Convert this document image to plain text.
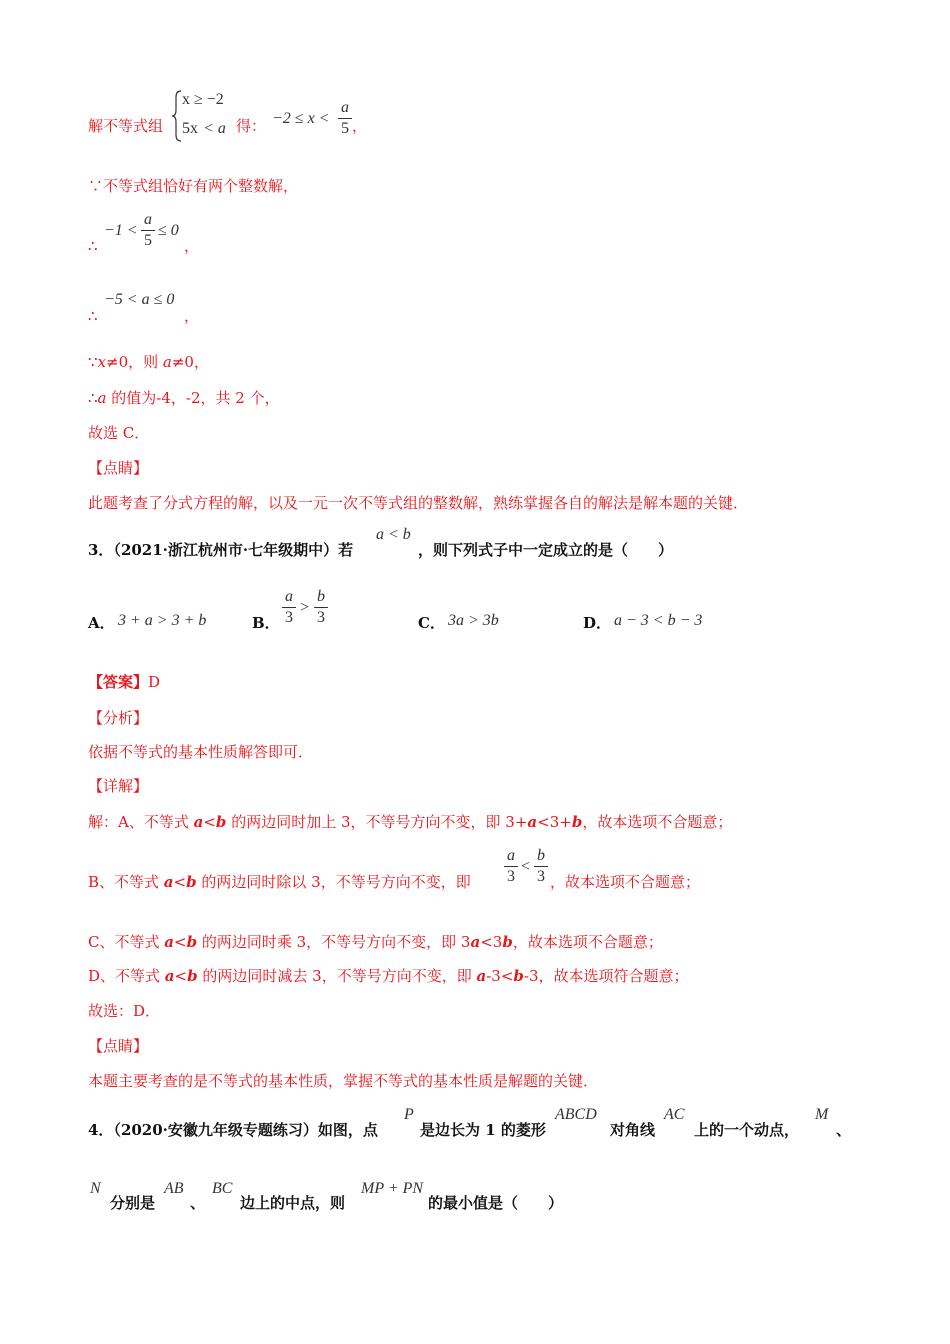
解不等式组
x ≥ −2
5x < a 得： −2 ≤ x <
a
5 ，
∵不等式组恰好有两个整数解，
∴
−1 <
a
5
≤ 0
，
∴
−5 < a ≤ 0
，
∵x≠0，则 a≠0，
∴a 的值为-4，-2，共 2 个，
故选 C．
【点睛】
此题考查了分式方程的解，以及一元一次不等式组的整数解，熟练掌握各自的解法是解本题的关键．
3．（2021·浙江杭州市·七年级期中）若
a < b
，则下列式子中一定成立的是（　　）
A． 3 + a > 3 + b	B．
a
3
>
b
3	C． 3a > 3b	D． a − 3 < b − 3
【答案】D
【分析】
依据不等式的基本性质解答即可．
【详解】
解：A、不等式 a<b 的两边同时加上 3，不等号方向不变，即 3+a<3+b，故本选项不合题意；
B、不等式 a<b 的两边同时除以 3，不等号方向不变，即
a
3
<
b
3 ，故本选项不合题意；
C、不等式 a<b 的两边同时乘 3，不等号方向不变，即 3a<3b，故本选项不合题意；
D、不等式 a<b 的两边同时减去 3，不等号方向不变，即 a-3<b-3，故本选项符合题意；
故选：D．
【点睛】
本题主要考查的是不等式的基本性质，掌握不等式的基本性质是解题的关键．
4．（2020·安徽九年级专题练习）如图，点
P
是边长为 1 的菱形
ABCD
对角线
AC
上的一个动点，
M
、
N
分别是
AB
、
BC
边上的中点，则
MP + PN
的最小值是（　　）
